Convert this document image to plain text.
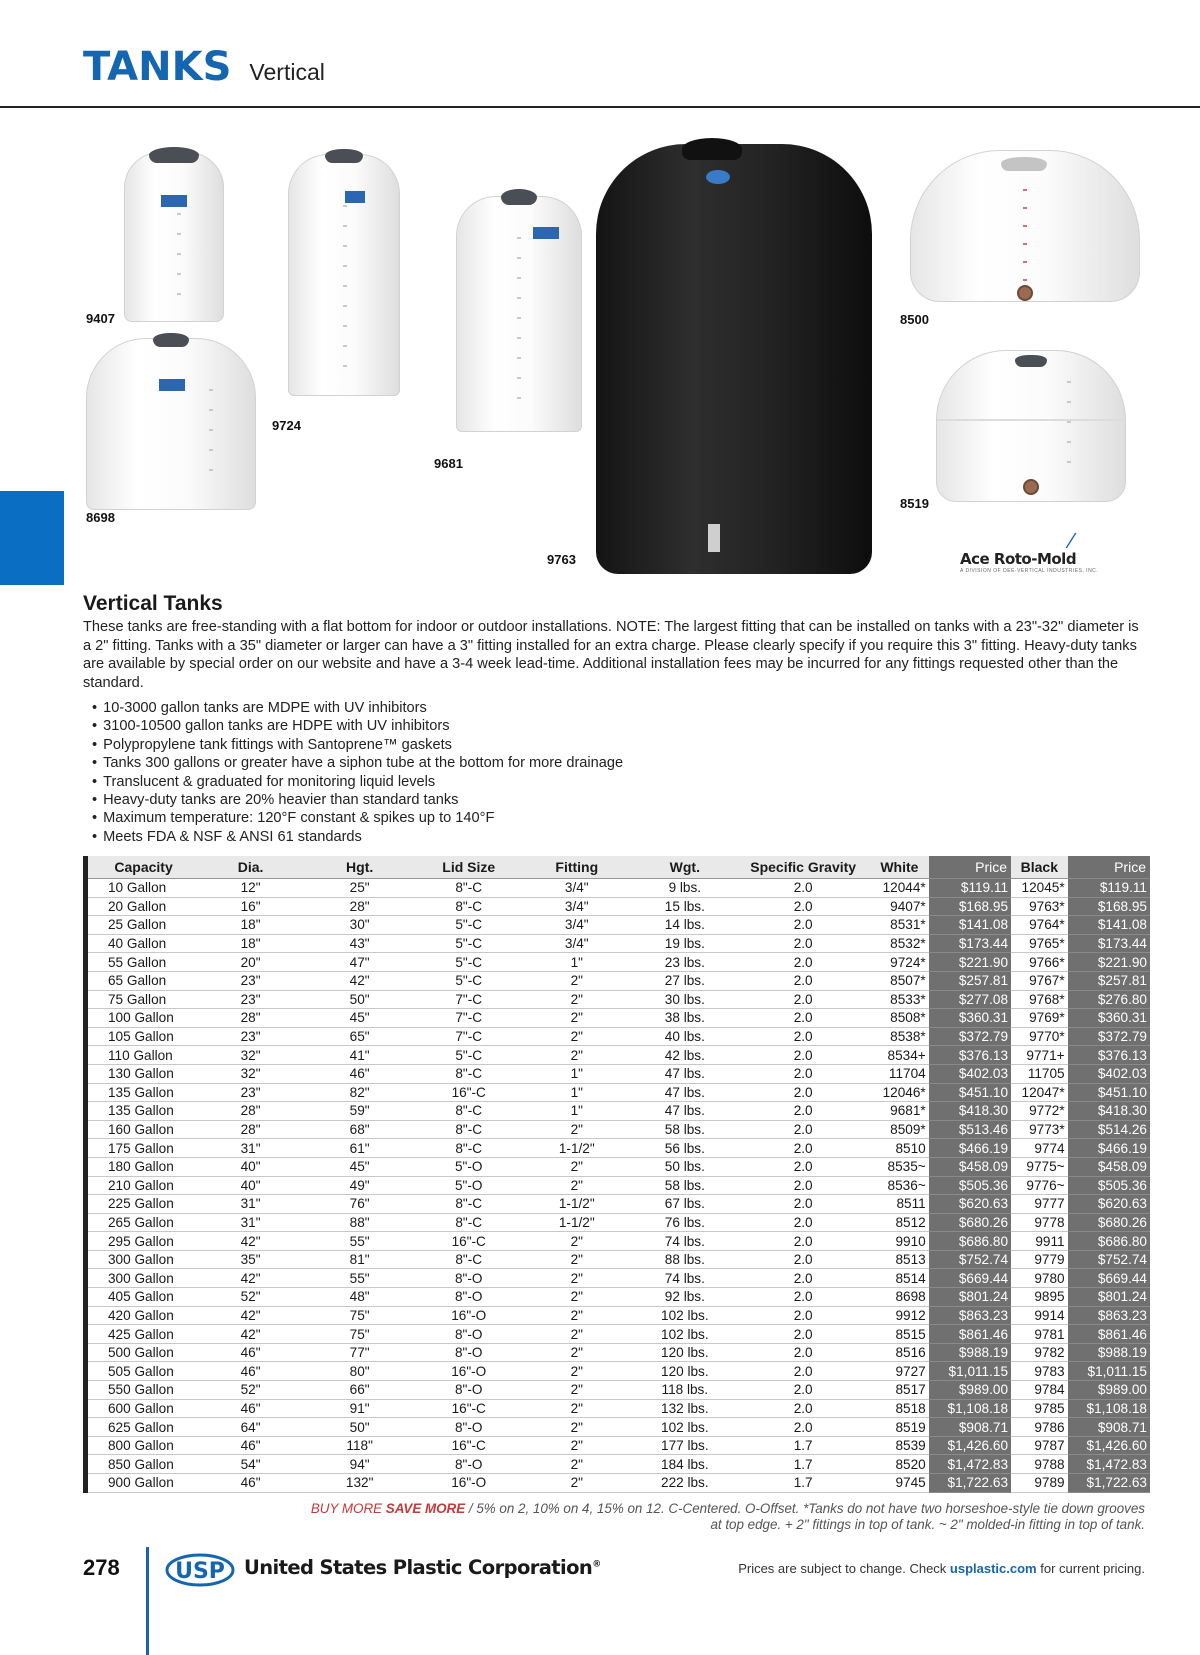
TANKS Vertical
9407
8698
9724
9681
9763
8500
8519
∕
Ace Roto-Mold
A DIVISION OF DEE-VERTICAL INDUSTRIES, INC.
Vertical Tanks

These tanks are free-standing with a flat bottom for indoor or outdoor installations. NOTE: The largest fitting that can be installed on tanks with a 23"-32" diameter is a 2" fitting. Tanks with a 35" diameter or larger can have a 3" fitting installed for an extra charge. Please clearly specify if you require this 3" fitting. Heavy-duty tanks are available by special order on our website and have a 3-4 week lead-time. Additional installation fees may be incurred for any fittings requested other than the standard.

• 10-3000 gallon tanks are MDPE with UV inhibitors
• 3100-10500 gallon tanks are HDPE with UV inhibitors
• Polypropylene tank fittings with Santoprene™ gaskets
• Tanks 300 gallons or greater have a siphon tube at the bottom for more drainage
• Translucent & graduated for monitoring liquid levels
• Heavy-duty tanks are 20% heavier than standard tanks
• Maximum temperature: 120°F constant & spikes up to 140°F
• Meets FDA & NSF & ANSI 61 standards
Capacity	Dia.	Hgt.	Lid Size	Fitting	Wgt.	Specific Gravity	White	Price	Black	Price
10 Gallon	12"	25"	8"-C	3/4"	9 lbs.	2.0	12044*	$119.11	12045*	$119.11
20 Gallon	16"	28"	8"-C	3/4"	15 lbs.	2.0	9407*	$168.95	9763*	$168.95
25 Gallon	18"	30"	5"-C	3/4"	14 lbs.	2.0	8531*	$141.08	9764*	$141.08
40 Gallon	18"	43"	5"-C	3/4"	19 lbs.	2.0	8532*	$173.44	9765*	$173.44
55 Gallon	20"	47"	5"-C	1"	23 lbs.	2.0	9724*	$221.90	9766*	$221.90
65 Gallon	23"	42"	5"-C	2"	27 lbs.	2.0	8507*	$257.81	9767*	$257.81
75 Gallon	23"	50"	7"-C	2"	30 lbs.	2.0	8533*	$277.08	9768*	$276.80
100 Gallon	28"	45"	7"-C	2"	38 lbs.	2.0	8508*	$360.31	9769*	$360.31
105 Gallon	23"	65"	7"-C	2"	40 lbs.	2.0	8538*	$372.79	9770*	$372.79
110 Gallon	32"	41"	5"-C	2"	42 lbs.	2.0	8534+	$376.13	9771+	$376.13
130 Gallon	32"	46"	8"-C	1"	47 lbs.	2.0	11704	$402.03	11705	$402.03
135 Gallon	23"	82"	16"-C	1"	47 lbs.	2.0	12046*	$451.10	12047*	$451.10
135 Gallon	28"	59"	8"-C	1"	47 lbs.	2.0	9681*	$418.30	9772*	$418.30
160 Gallon	28"	68"	8"-C	2"	58 lbs.	2.0	8509*	$513.46	9773*	$514.26
175 Gallon	31"	61"	8"-C	1-1/2"	56 lbs.	2.0	8510	$466.19	9774	$466.19
180 Gallon	40"	45"	5"-O	2"	50 lbs.	2.0	8535~	$458.09	9775~	$458.09
210 Gallon	40"	49"	5"-O	2"	58 lbs.	2.0	8536~	$505.36	9776~	$505.36
225 Gallon	31"	76"	8"-C	1-1/2"	67 lbs.	2.0	8511	$620.63	9777	$620.63
265 Gallon	31"	88"	8"-C	1-1/2"	76 lbs.	2.0	8512	$680.26	9778	$680.26
295 Gallon	42"	55"	16"-C	2"	74 lbs.	2.0	9910	$686.80	9911	$686.80
300 Gallon	35"	81"	8"-C	2"	88 lbs.	2.0	8513	$752.74	9779	$752.74
300 Gallon	42"	55"	8"-O	2"	74 lbs.	2.0	8514	$669.44	9780	$669.44
405 Gallon	52"	48"	8"-O	2"	92 lbs.	2.0	8698	$801.24	9895	$801.24
420 Gallon	42"	75"	16"-O	2"	102 lbs.	2.0	9912	$863.23	9914	$863.23
425 Gallon	42"	75"	8"-O	2"	102 lbs.	2.0	8515	$861.46	9781	$861.46
500 Gallon	46"	77"	8"-O	2"	120 lbs.	2.0	8516	$988.19	9782	$988.19
505 Gallon	46"	80"	16"-O	2"	120 lbs.	2.0	9727	$1,011.15	9783	$1,011.15
550 Gallon	52"	66"	8"-O	2"	118 lbs.	2.0	8517	$989.00	9784	$989.00
600 Gallon	46"	91"	16"-C	2"	132 lbs.	2.0	8518	$1,108.18	9785	$1,108.18
625 Gallon	64"	50"	8"-O	2"	102 lbs.	2.0	8519	$908.71	9786	$908.71
800 Gallon	46"	118"	16"-C	2"	177 lbs.	1.7	8539	$1,426.60	9787	$1,426.60
850 Gallon	54"	94"	8"-O	2"	184 lbs.	1.7	8520	$1,472.83	9788	$1,472.83
900 Gallon	46"	132"	16"-O	2"	222 lbs.	1.7	9745	$1,722.63	9789	$1,722.63
BUY MORE SAVE MORE / 5% on 2, 10% on 4, 15% on 12. C-Centered. O-Offset. *Tanks do not have two horseshoe-style tie down grooves at top edge. + 2" fittings in top of tank. ~ 2" molded-in fitting in top of tank.
278	USP United States Plastic Corporation®	Prices are subject to change. Check usplastic.com for current pricing.
